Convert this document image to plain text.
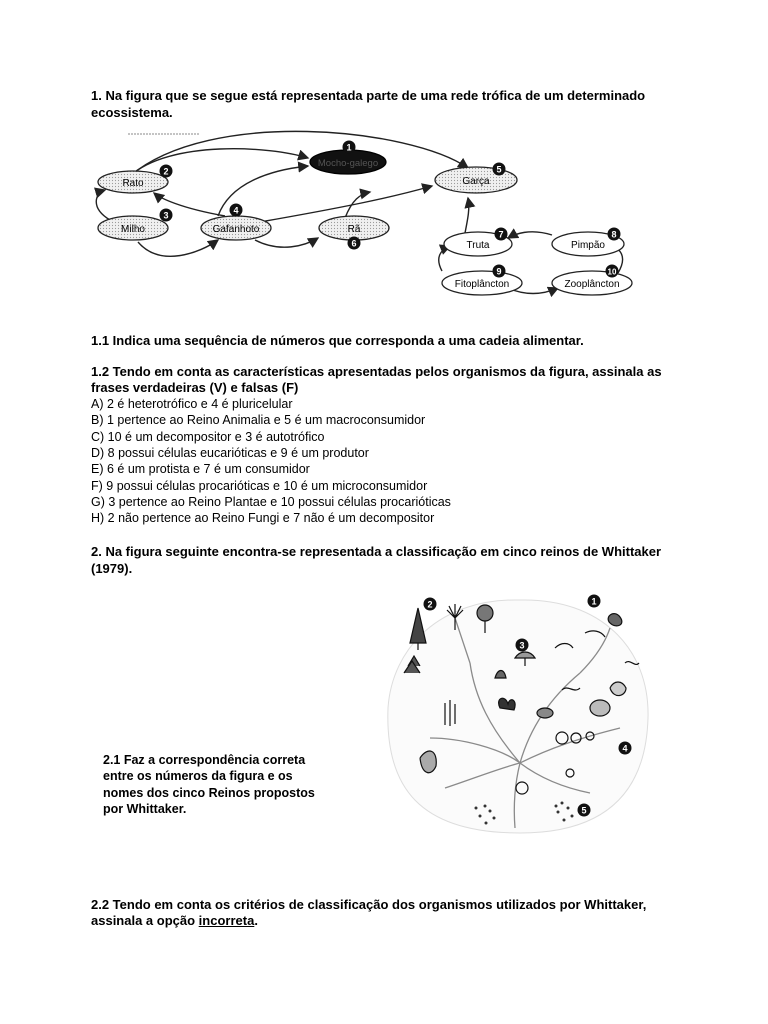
1. Na figura que se segue está representada parte de uma rede trófica de um determinado
ecossistema.
Rato
Mocho-galego
Milho	Gafanhoto	Rã
Garça
Truta	Pimpão
Fitoplâncton	Zooplâncton
1
2
3	4
5
6
7	8
9	10
1.1 Indica uma sequência de números que corresponda a uma cadeia alimentar.
1.2 Tendo em conta as características apresentadas pelos organismos da figura, assinala as
frases verdadeiras (V) e falsas (F)
A) 2 é heterotrófico e 4 é pluricelular
B) 1 pertence ao Reino Animalia e 5 é um macroconsumidor
C) 10 é um decompositor e 3 é autotrófico
D) 8 possui células eucarióticas e 9 é um produtor
E) 6 é um protista e 7 é um consumidor
F) 9 possui células procarióticas e 10 é um microconsumidor
G) 3 pertence ao Reino Plantae e 10 possui células procarióticas
H) 2 não pertence ao Reino Fungi e 7 não é um decompositor
2. Na figura seguinte encontra-se representada a classificação em cinco reinos de Whittaker
(1979).
1
2
3
4
5
2.1 Faz a correspondência correta
entre os números da figura e os
nomes dos cinco Reinos propostos
por Whittaker.
2.2 Tendo em conta os critérios de classificação dos organismos utilizados por Whittaker,
assinala a opção incorreta.
